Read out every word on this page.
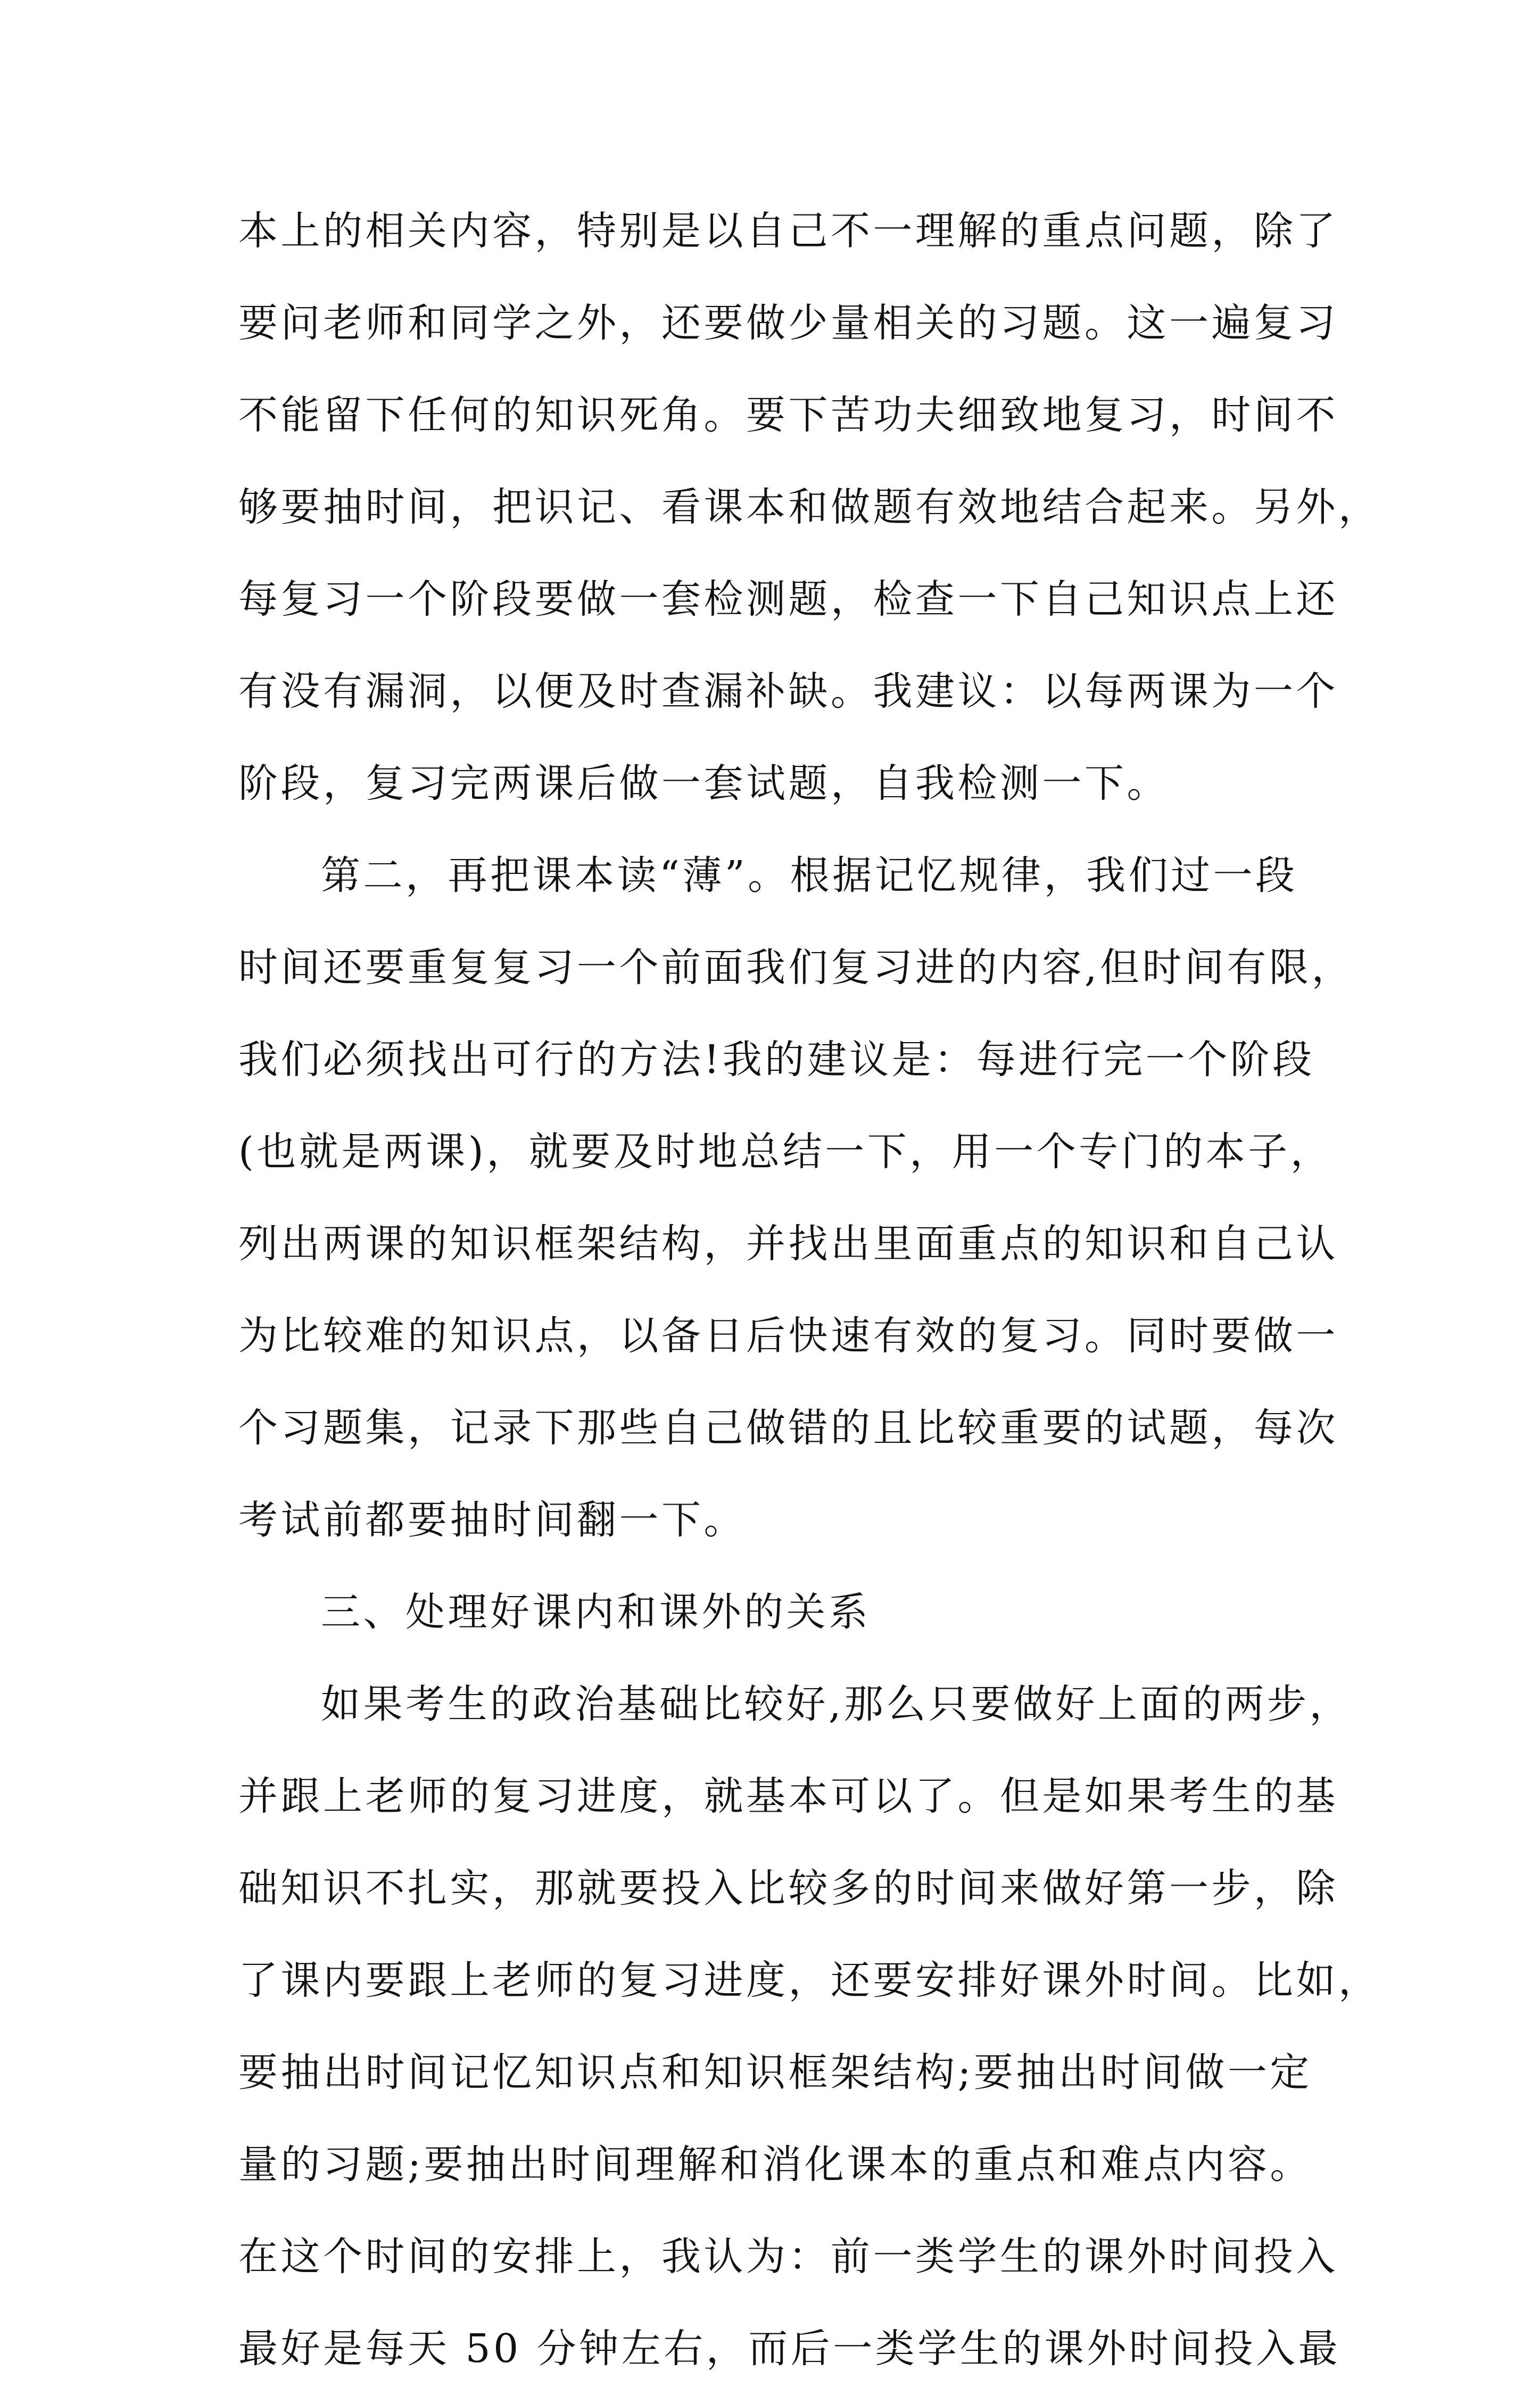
本上的相关内容，特别是以自己不一理解的重点问题，除了
要问老师和同学之外，还要做少量相关的习题。这一遍复习
不能留下任何的知识死角。要下苦功夫细致地复习，时间不
够要抽时间，把识记、看课本和做题有效地结合起来。另外，
每复习一个阶段要做一套检测题，检查一下自己知识点上还
有没有漏洞，以便及时查漏补缺。我建议：以每两课为一个
阶段，复习完两课后做一套试题，自我检测一下。
第二，再把课本读“薄”。根据记忆规律，我们过一段
时间还要重复复习一个前面我们复习进的内容,但时间有限，
我们必须找出可行的方法!我的建议是：每进行完一个阶段
(也就是两课)，就要及时地总结一下，用一个专门的本子，
列出两课的知识框架结构，并找出里面重点的知识和自己认
为比较难的知识点，以备日后快速有效的复习。同时要做一
个习题集，记录下那些自己做错的且比较重要的试题，每次
考试前都要抽时间翻一下。
三、处理好课内和课外的关系
如果考生的政治基础比较好,那么只要做好上面的两步，
并跟上老师的复习进度，就基本可以了。但是如果考生的基
础知识不扎实，那就要投入比较多的时间来做好第一步，除
了课内要跟上老师的复习进度，还要安排好课外时间。比如，
要抽出时间记忆知识点和知识框架结构;要抽出时间做一定
量的习题;要抽出时间理解和消化课本的重点和难点内容。
在这个时间的安排上，我认为：前一类学生的课外时间投入
最好是每天 50 分钟左右，而后一类学生的课外时间投入最
